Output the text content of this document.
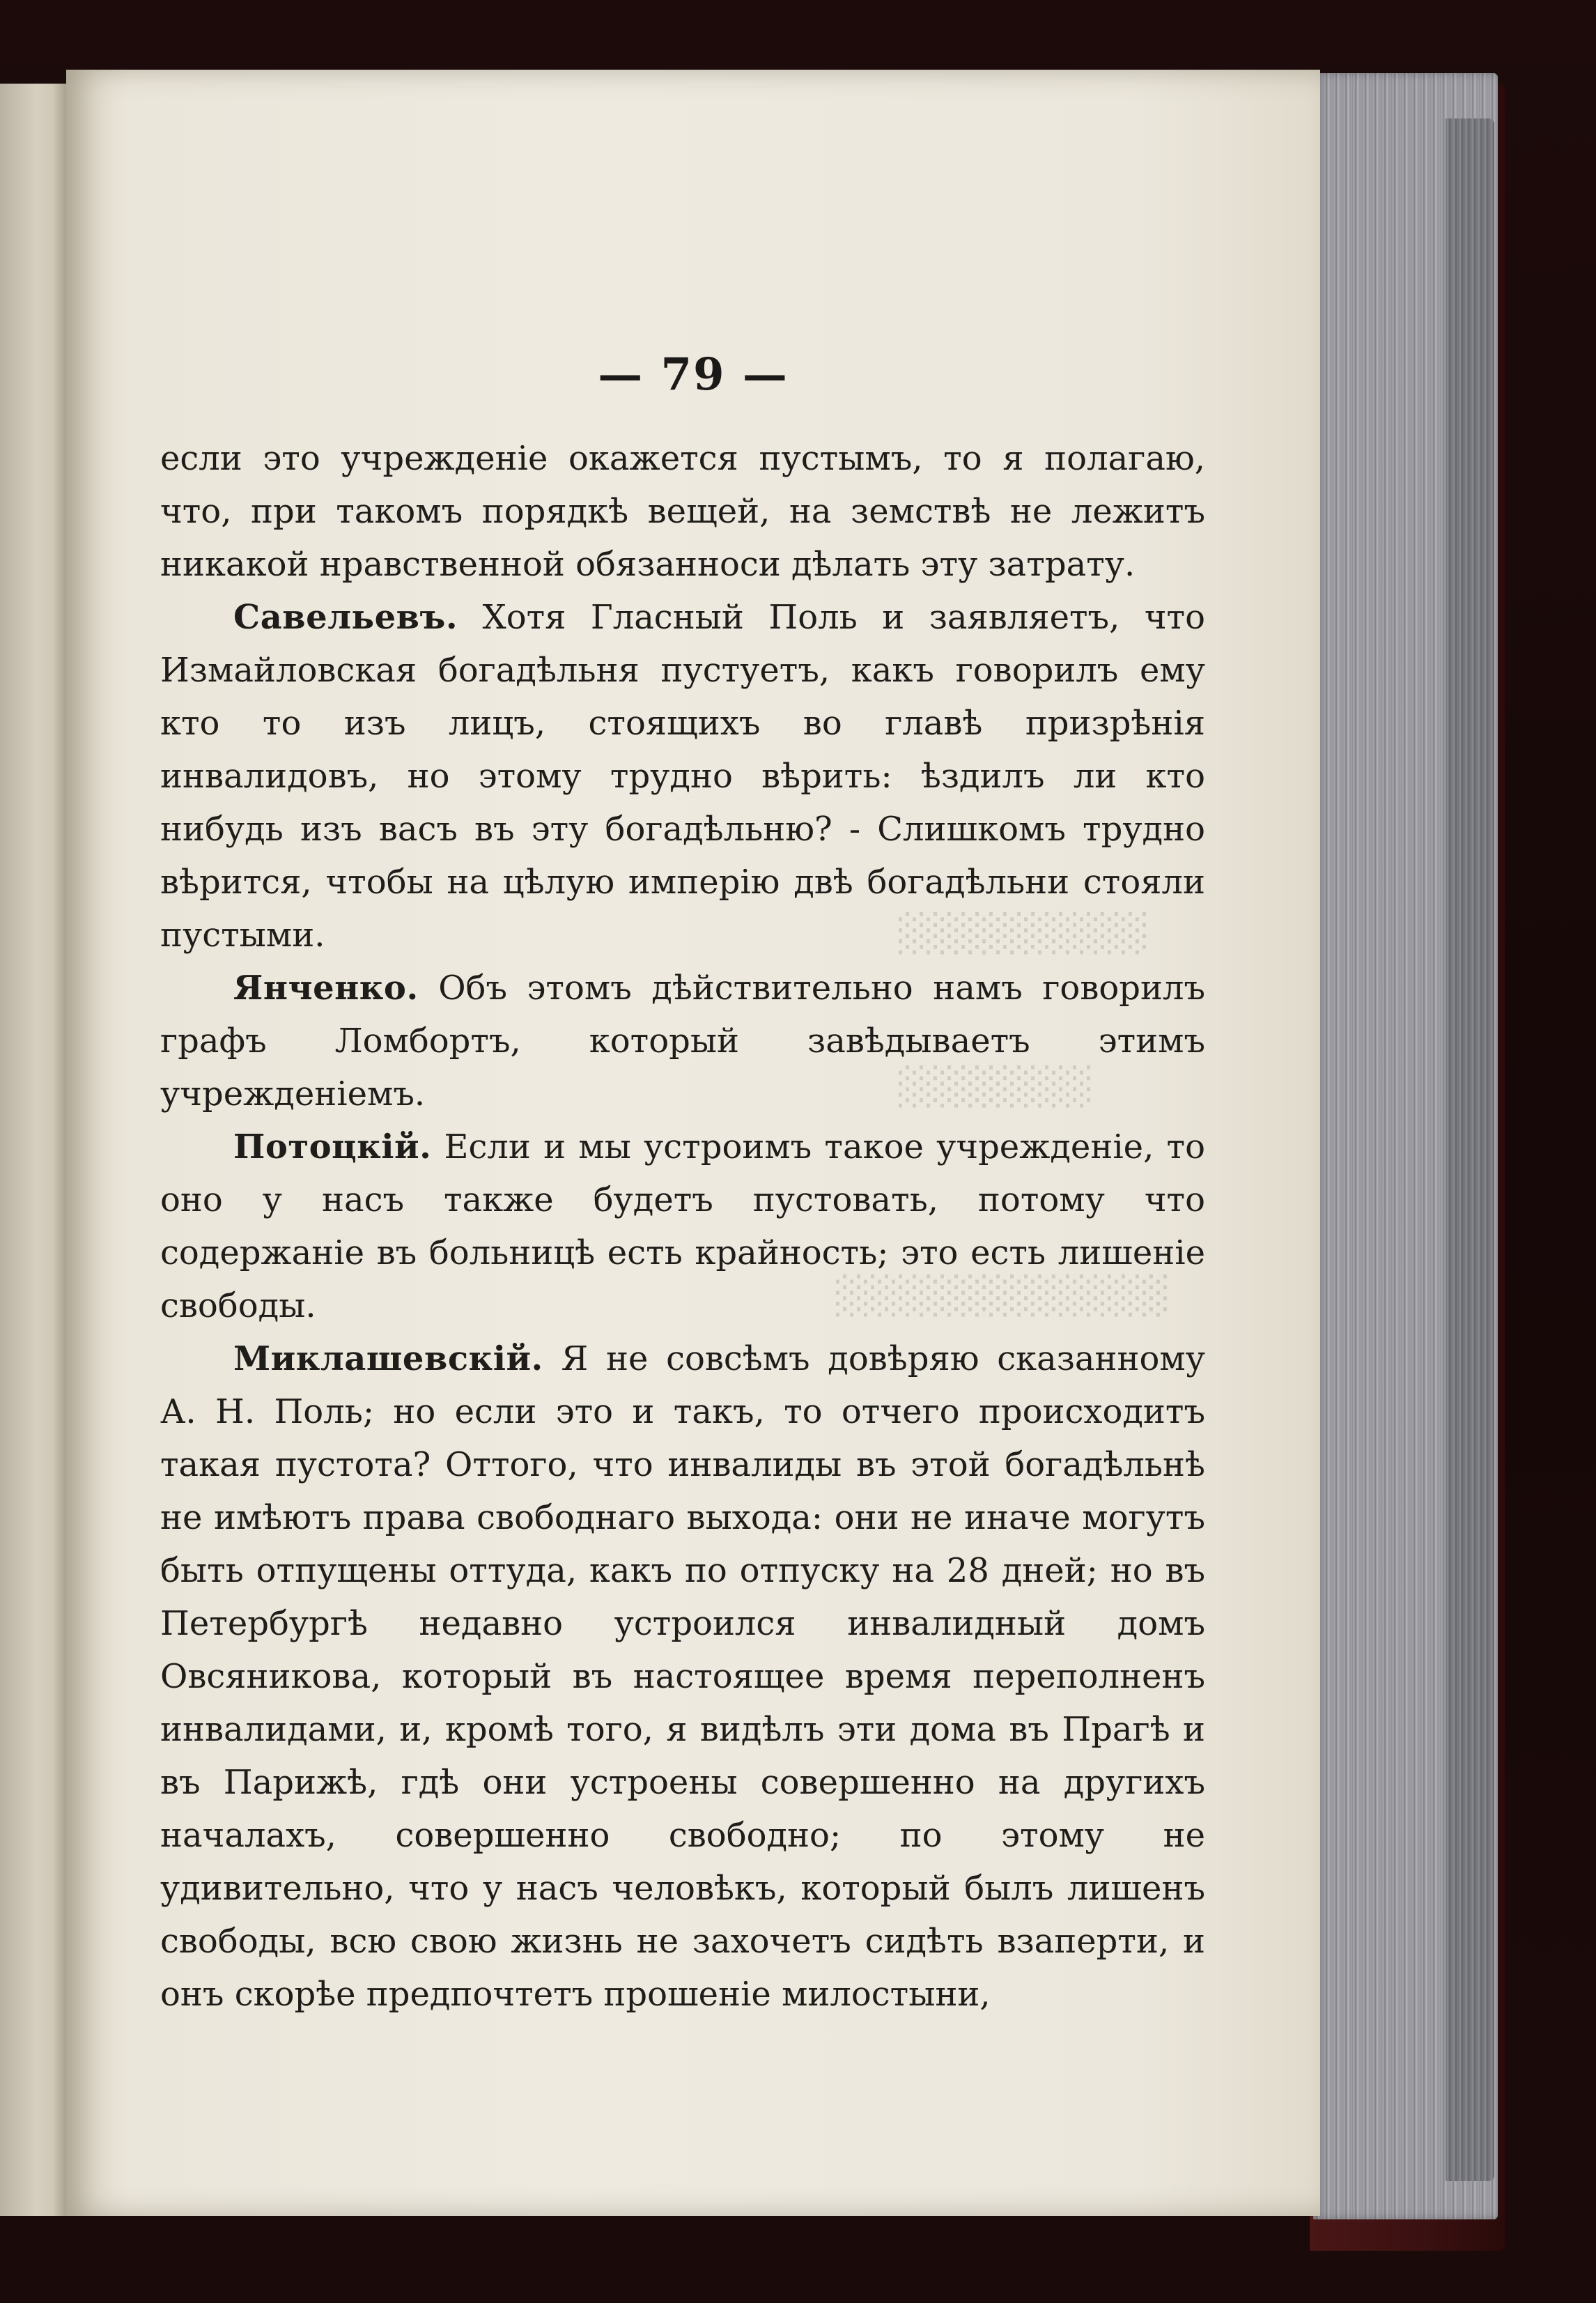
░░░░░░░░░
░░░░░░░
░░░░░░░░░░░░
— 79 —

если это учрежденіе окажется пустымъ, то я полагаю, что, при такомъ порядкѣ вещей, на земствѣ не лежитъ никакой нравственной обязанноси дѣлать эту затрату.

Савельевъ. Хотя Гласный Поль и заявляетъ, что Измайловская богадѣльня пустуетъ, какъ говорилъ ему кто то изъ лицъ, стоящихъ во главѣ призрѣнія инвалидовъ, но этому трудно вѣрить: ѣздилъ ли кто нибудь изъ васъ въ эту богадѣльню? - Слишкомъ трудно вѣрится, чтобы на цѣлую имперію двѣ богадѣльни стояли пустыми.

Янченко. Объ этомъ дѣйствительно намъ говорилъ графъ Ломбортъ, который завѣдываетъ этимъ учрежденіемъ.

Потоцкій. Если и мы устроимъ такое учрежденіе, то оно у насъ также будетъ пустовать, потому что содержаніе въ больницѣ есть крайность; это есть лишеніе свободы.

Миклашевскій. Я не совсѣмъ довѣряю сказанному А. Н. Поль; но если это и такъ, то отчего происходитъ такая пустота? Оттого, что инвалиды въ этой богадѣльнѣ не имѣютъ права свободнаго выхода: они не иначе могутъ быть отпущены оттуда, какъ по отпуску на 28 дней; но въ Петербургѣ недавно устроился инвалидный домъ Овсяникова, который въ настоящее время переполненъ инвалидами, и, кромѣ того, я видѣлъ эти дома въ Прагѣ и въ Парижѣ, гдѣ они устроены совершенно на другихъ началахъ, совершенно свободно; по этому не удивительно, что у насъ человѣкъ, который былъ лишенъ свободы, всю свою жизнь не захочетъ сидѣть взаперти, и онъ скорѣе предпочтетъ прошеніе милостыни,
